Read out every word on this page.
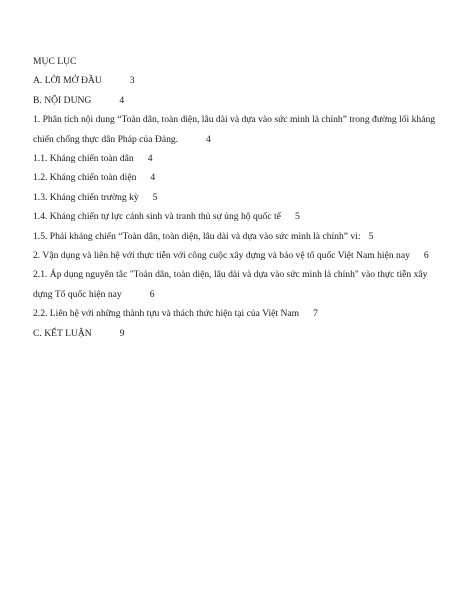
MỤC LỤC
A. LỜI MỞ ĐẦU	3
B. NỘI DUNG	4
1. Phân tích nội dung “Toàn dân, toàn diện, lâu dài và dựa vào sức mình là chính” trong đường lối kháng chiến chống thực dân Pháp của Đảng.	4
1.1. Kháng chiến toàn dân 4
1.2. Kháng chiến toàn diện 4
1.3. Kháng chiến trường kỳ 5
1.4. Kháng chiến tự lực cánh sinh và tranh thủ sự ủng hộ quốc tế 5
1.5. Phải kháng chiến “Toàn dân, toàn diện, lâu dài và dựa vào sức mình là chính” vì: 5
2. Vận dụng và liên hệ với thực tiễn với công cuộc xây dựng và bảo vệ tổ quốc Việt Nam hiện nay 6
2.1. Áp dụng nguyên tắc "Toàn dân, toàn diện, lâu dài và dựa vào sức mình là chính" vào thực tiễn xây dựng Tổ quốc hiện nay	6
2.2. Liên hệ với những thành tựu và thách thức hiện tại của Việt Nam 7
C. KẾT LUẬN	9
